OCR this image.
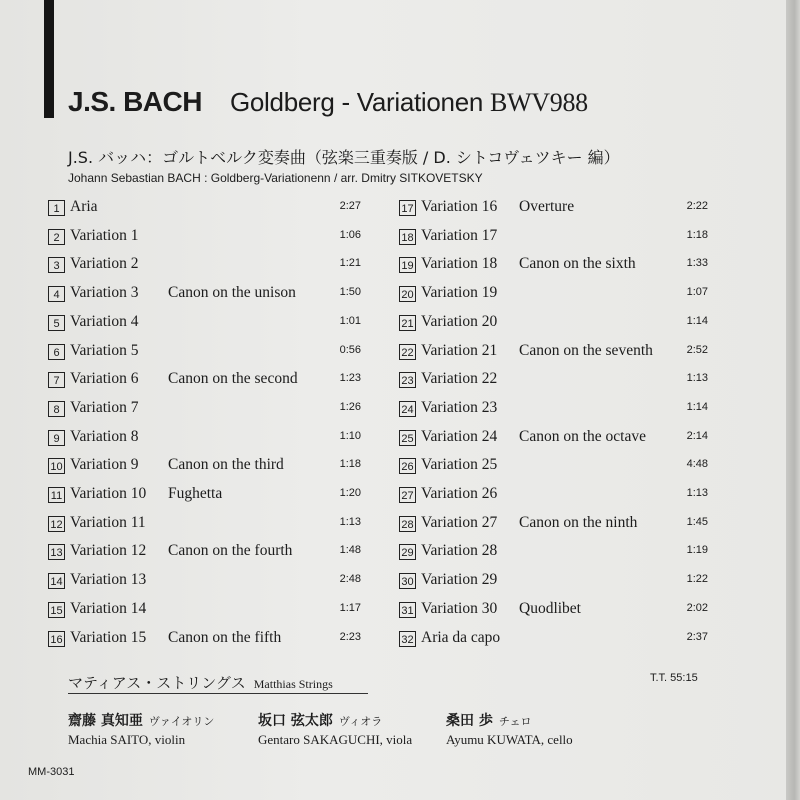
J.S. BACH Goldberg - Variationen BWV988
J.S. バッハ：ゴルトベルク変奏曲（弦楽三重奏版 / D. シトコヴェツキー 編）
Johann Sebastian BACH : Goldberg-Variationenn / arr. Dmitry SITKOVETSKY
1 Aria	2:27
2 Variation 1	1:06
3 Variation 2	1:21
4 Variation 3 Canon on the unison	1:50
5 Variation 4	1:01
6 Variation 5	0:56
7 Variation 6 Canon on the second	1:23
8 Variation 7	1:26
9 Variation 8	1:10
10 Variation 9 Canon on the third	1:18
11 Variation 10 Fughetta	1:20
12 Variation 11	1:13
13 Variation 12 Canon on the fourth	1:48
14 Variation 13	2:48
15 Variation 14	1:17
16 Variation 15 Canon on the fifth	2:23
17 Variation 16 Overture	2:22
18 Variation 17	1:18
19 Variation 18 Canon on the sixth	1:33
20 Variation 19	1:07
21 Variation 20	1:14
22 Variation 21 Canon on the seventh	2:52
23 Variation 22	1:13
24 Variation 23	1:14
25 Variation 24 Canon on the octave	2:14
26 Variation 25	4:48
27 Variation 26	1:13
28 Variation 27 Canon on the ninth	1:45
29 Variation 28	1:19
30 Variation 29	1:22
31 Variation 30 Quodlibet	2:02
32 Aria da capo	2:37
T.T. 55:15
マティアス・ストリングス Matthias Strings
齋藤 真知亜 ヴァイオリン
Machia SAITO, violin
坂口 弦太郎 ヴィオラ
Gentaro SAKAGUCHI, viola
桑田 歩 チェロ
Ayumu KUWATA, cello
MM-3031
